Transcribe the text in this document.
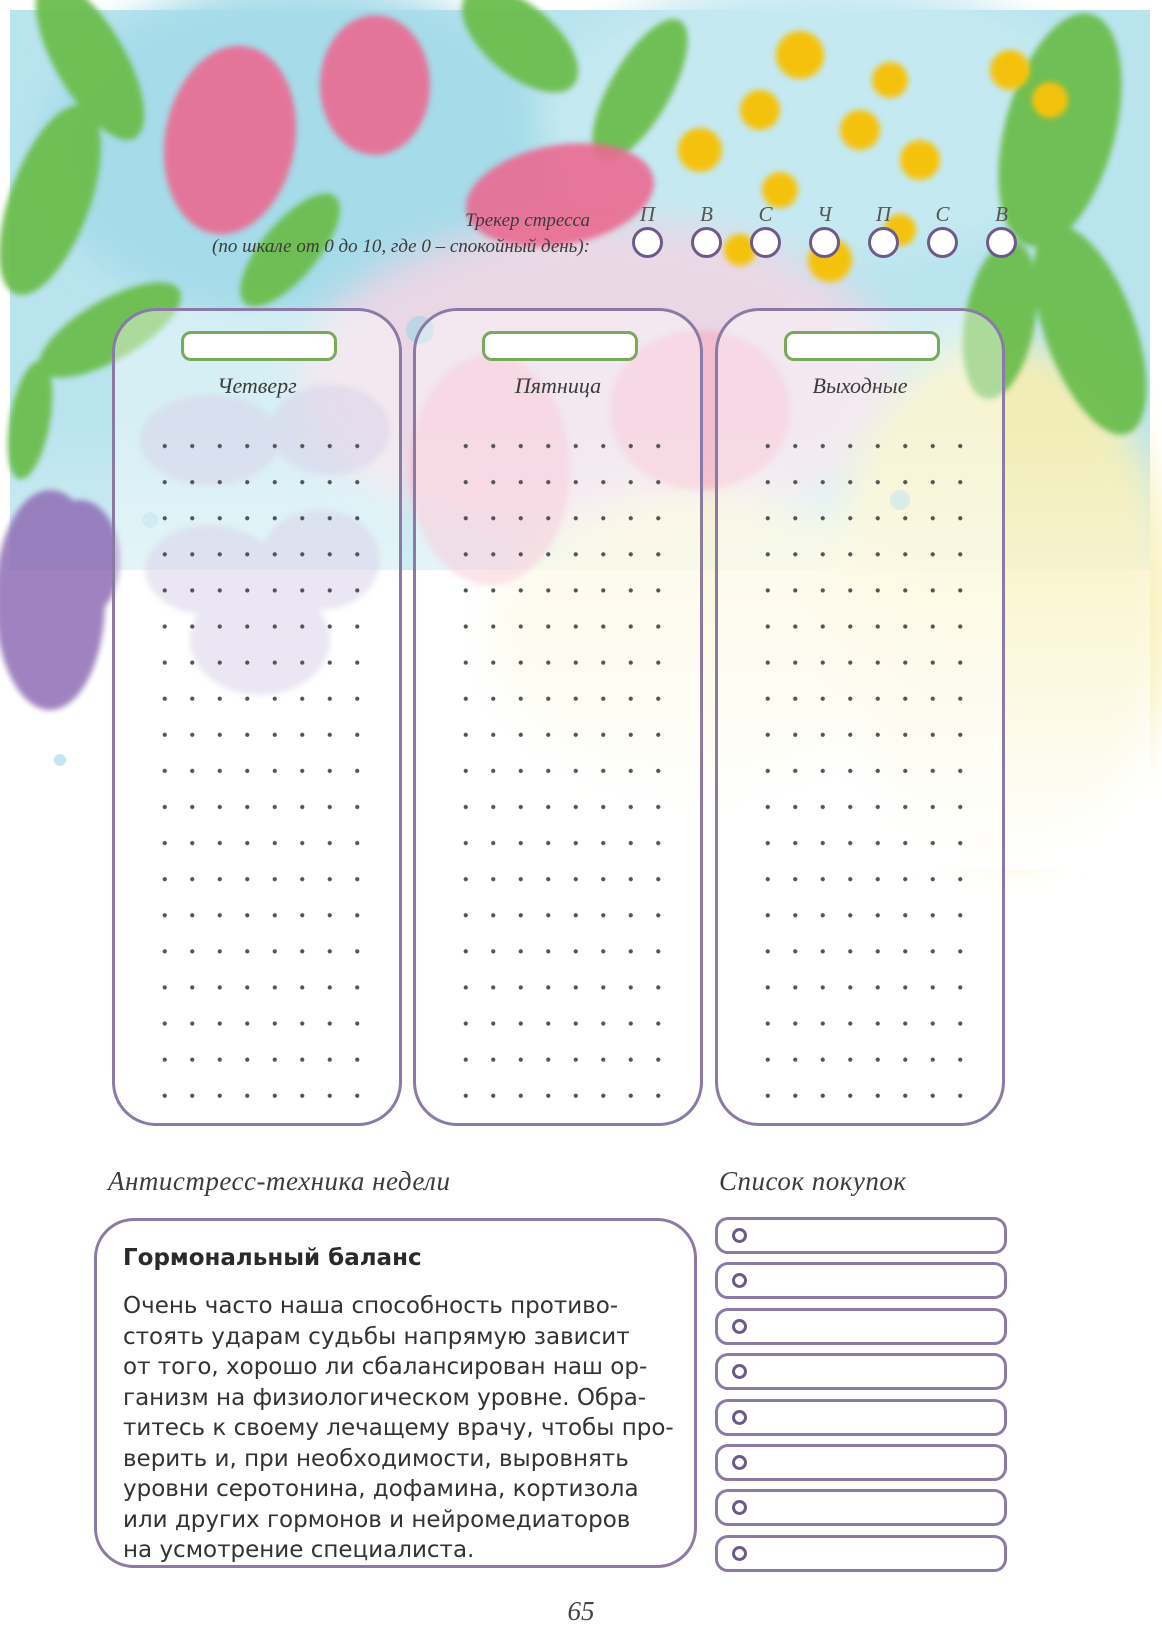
Трекер стресса
(по шкале от 0 до 10, где 0 – спокойный день):
П В С Ч П С В
Четверг	Пятница	Выходные
Антистресс-техника недели
Гормональный баланс

Очень часто наша способность противо-
стоять ударам судьбы напрямую зависит
от того, хорошо ли сбалансирован наш ор-
ганизм на физиологическом уровне. Обра-
титесь к своему лечащему врачу, чтобы про-
верить и, при необходимости, выровнять
уровни серотонина, дофамина, кортизола
или других гормонов и нейромедиаторов
на усмотрение специалиста.

Список покупок
65
